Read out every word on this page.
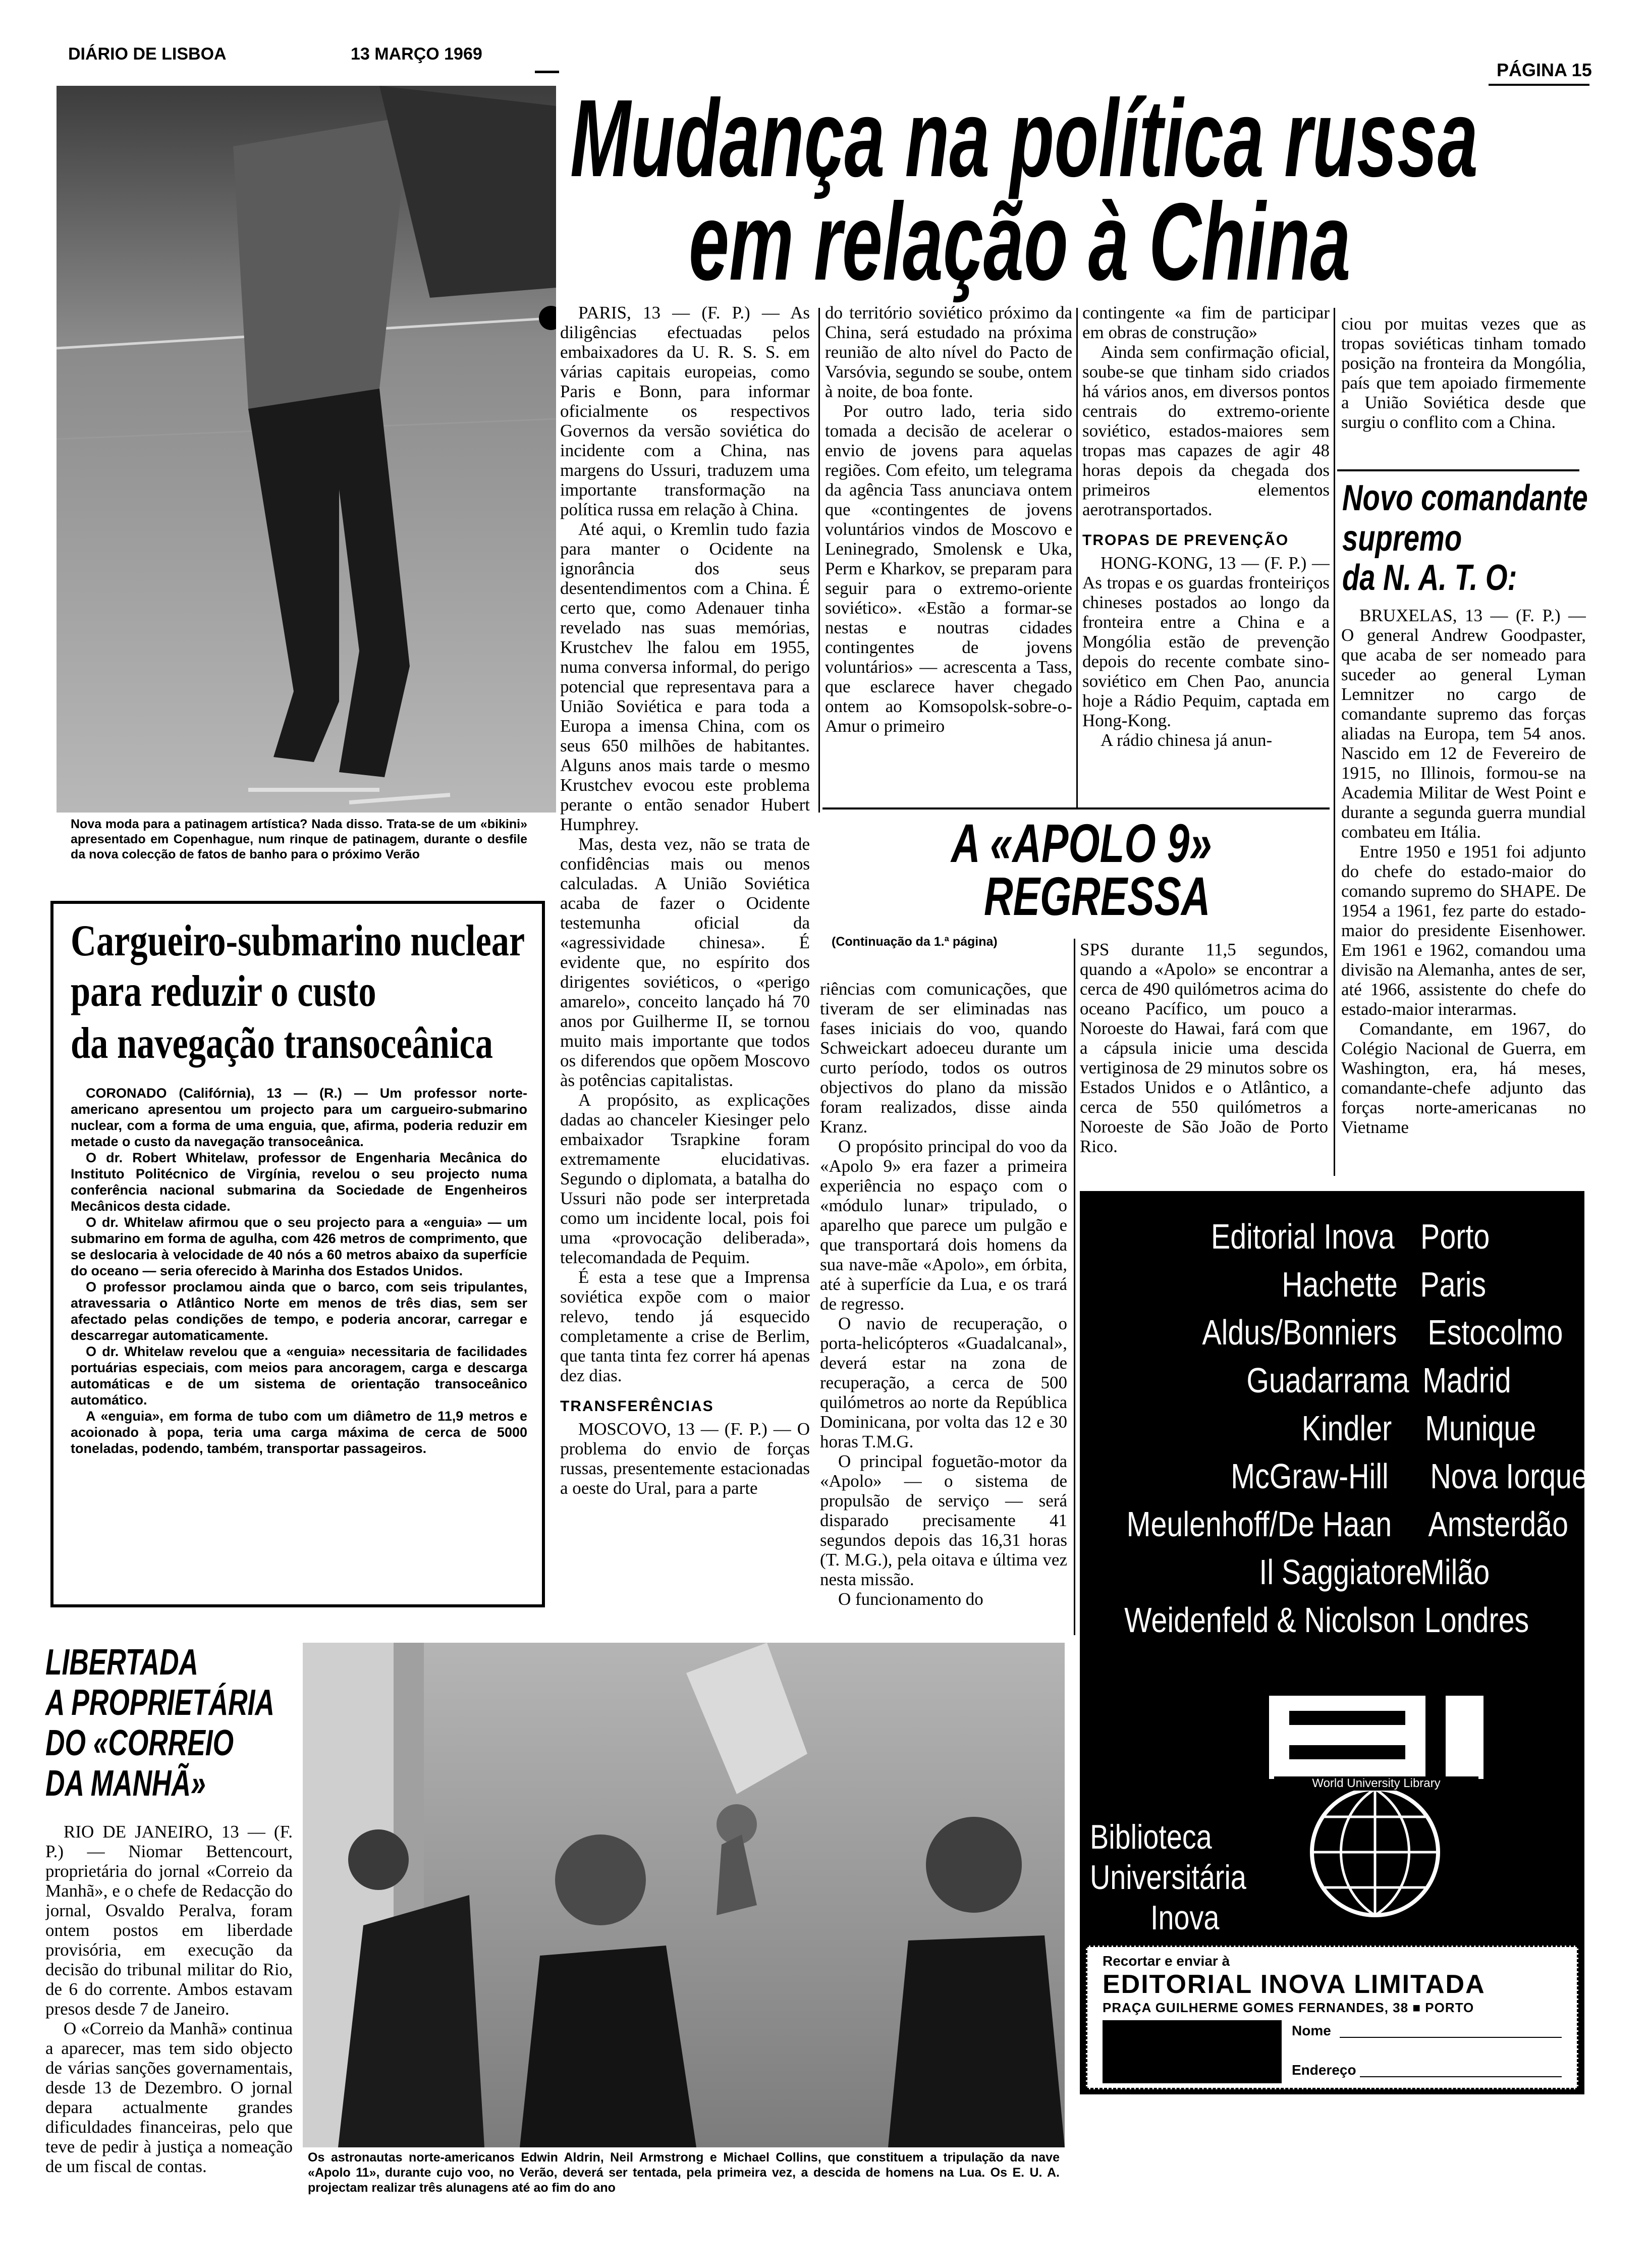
DIÁRIO DE LISBOA	13 MARÇO 1969
PÁGINA 15
Nova moda para a patinagem artística? Nada disso. Trata-se de um «bikini» apresentado em Copenhague, num rinque de patinagem, durante o desfile da nova colecção de fatos de banho para o próximo Verão
Cargueiro-submarino nuclear
para reduzir o custo
da navegação transoceânica

CORONADO (Califórnia), 13 — (R.) — Um professor norte-americano apresentou um projecto para um cargueiro-submarino nuclear, com a forma de uma enguia, que, afirma, poderia reduzir em metade o custo da navegação transoceânica.

O dr. Robert Whitelaw, professor de Engenharia Mecânica do Instituto Politécnico de Virgínia, revelou o seu projecto numa conferência nacional submarina da Sociedade de Engenheiros Mecânicos desta cidade.

O dr. Whitelaw afirmou que o seu projecto para a «enguia» — um submarino em forma de agulha, com 426 metros de comprimento, que se deslocaria à velocidade de 40 nós a 60 metros abaixo da superfície do oceano — seria oferecido à Marinha dos Estados Unidos.

O professor proclamou ainda que o barco, com seis tripulantes, atravessaria o Atlântico Norte em menos de três dias, sem ser afectado pelas condições de tempo, e poderia ancorar, carregar e descarregar automaticamente.

O dr. Whitelaw revelou que a «enguia» necessitaria de facilidades portuárias especiais, com meios para ancoragem, carga e descarga automáticas e de um sistema de orientação transoceânico automático.

A «enguia», em forma de tubo com um diâmetro de 11,9 metros e acoionado à popa, teria uma carga máxima de cerca de 5000 toneladas, podendo, também, transportar passageiros.

Mudança na política russa
em relação à China

PARIS, 13 — (F. P.) — As diligências efectuadas pelos embaixadores da U. R. S. S. em várias capitais europeias, como Paris e Bonn, para informar oficialmente os respectivos Governos da versão soviética do incidente com a China, nas margens do Ussuri, traduzem uma importante transformação na política russa em relação à China.

Até aqui, o Kremlin tudo fazia para manter o Ocidente na ignorância dos seus desentendimentos com a China. É certo que, como Adenauer tinha revelado nas suas memórias, Krustchev lhe falou em 1955, numa conversa informal, do perigo potencial que representava para a União Soviética e para toda a Europa a imensa China, com os seus 650 milhões de habitantes. Alguns anos mais tarde o mesmo Krustchev evocou este problema perante o então senador Hubert Humphrey.

Mas, desta vez, não se trata de confidências mais ou menos calculadas. A União Soviética acaba de fazer o Ocidente testemunha oficial da «agressividade chinesa». É evidente que, no espírito dos dirigentes soviéticos, o «perigo amarelo», conceito lançado há 70 anos por Guilherme II, se tornou muito mais importante que todos os diferendos que opõem Moscovo às potências capitalistas.

A propósito, as explicações dadas ao chanceler Kiesinger pelo embaixador Tsrapkine foram extremamente elucidativas. Segundo o diplomata, a batalha do Ussuri não pode ser interpretada como um incidente local, pois foi uma «provocação deliberada», telecomandada de Pequim.

É esta a tese que a Imprensa soviética expõe com o maior relevo, tendo já esquecido completamente a crise de Berlim, que tanta tinta fez correr há apenas dez dias.

TRANSFERÊNCIAS

MOSCOVO, 13 — (F. P.) — O problema do envio de forças russas, presentemente estacionadas a oeste do Ural, para a parte

do território soviético próximo da China, será estudado na próxima reunião de alto nível do Pacto de Varsóvia, segundo se soube, ontem à noite, de boa fonte.

Por outro lado, teria sido tomada a decisão de acelerar o envio de jovens para aquelas regiões. Com efeito, um telegrama da agência Tass anunciava ontem que «contingentes de jovens voluntários vindos de Moscovo e Leninegrado, Smolensk e Uka, Perm e Kharkov, se preparam para seguir para o extremo-oriente soviético». «Estão a formar-se nestas e noutras cidades contingentes de jovens voluntários» — acrescenta a Tass, que esclarece haver chegado ontem ao Komsopolsk-sobre-o-Amur o primeiro

contingente «a fim de participar em obras de construção»

Ainda sem confirmação oficial, soube-se que tinham sido criados há vários anos, em diversos pontos centrais do extremo-oriente soviético, estados-maiores sem tropas mas capazes de agir 48 horas depois da chegada dos primeiros elementos aerotransportados.

TROPAS DE PREVENÇÃO

HONG-KONG, 13 — (F. P.) — As tropas e os guardas fronteiriços chineses postados ao longo da fronteira entre a China e a Mongólia estão de prevenção depois do recente combate sino-soviético em Chen Pao, anuncia hoje a Rádio Pequim, captada em Hong-Kong.

A rádio chinesa já anun-

ciou por muitas vezes que as tropas soviéticas tinham tomado posição na fronteira da Mongólia, país que tem apoiado firmemente a União Soviética desde que surgiu o conflito com a China.

Novo comandante
supremo
da N. A. T. O:

BRUXELAS, 13 — (F. P.) — O general Andrew Goodpaster, que acaba de ser nomeado para suceder ao general Lyman Lemnitzer no cargo de comandante supremo das forças aliadas na Europa, tem 54 anos. Nascido em 12 de Fevereiro de 1915, no Illinois, formou-se na Academia Militar de West Point e durante a segunda guerra mundial combateu em Itália.

Entre 1950 e 1951 foi adjunto do chefe do estado-maior do comando supremo do SHAPE. De 1954 a 1961, fez parte do estado-maior do presidente Eisenhower. Em 1961 e 1962, comandou uma divisão na Alemanha, antes de ser, até 1966, assistente do chefe do estado-maior interarmas.

Comandante, em 1967, do Colégio Nacional de Guerra, em Washington, era, há meses, comandante-chefe adjunto das forças norte-americanas no Vietname

A «APOLO 9»
REGRESSA
(Continuação da 1.ª página)

riências com comunicações, que tiveram de ser eliminadas nas fases iniciais do voo, quando Schweickart adoeceu durante um curto período, todos os outros objectivos do plano da missão foram realizados, disse ainda Kranz.

O propósito principal do voo da «Apolo 9» era fazer a primeira experiência no espaço com o «módulo lunar» tripulado, o aparelho que parece um pulgão e que transportará dois homens da sua nave-mãe «Apolo», em órbita, até à superfície da Lua, e os trará de regresso.

O navio de recuperação, o porta-helicópteros «Guadalcanal», deverá estar na zona de recuperação, a cerca de 500 quilómetros ao norte da República Dominicana, por volta das 12 e 30 horas T.M.G.

O principal foguetão-motor da «Apolo» — o sistema de propulsão de serviço — será disparado precisamente 41 segundos depois das 16,31 horas (T. M.G.), pela oitava e última vez nesta missão.

O funcionamento do

SPS durante 11,5 segundos, quando a «Apolo» se encontrar a cerca de 490 quilómetros acima do oceano Pacífico, um pouco a Noroeste do Hawai, fará com que a cápsula inicie uma descida vertiginosa de 29 minutos sobre os Estados Unidos e o Atlântico, a cerca de 550 quilómetros a Noroeste de São João de Porto Rico.

Editorial Inova Porto
Hachette Paris
Aldus/Bonniers Estocolmo
Guadarrama Madrid
Kindler Munique
McGraw-Hill Nova Iorque
Meulenhoff/De Haan Amsterdão
Il Saggiatore
Milão
Weidenfeld & Nicolson Londres
World University Library
Biblioteca
Universitária
Inova
Recortar e enviar à
EDITORIAL INOVA LIMITADA
PRAÇA GUILHERME GOMES FERNANDES, 38 ■ PORTO
Nome
Endereço
LIBERTADA
A PROPRIETÁRIA
DO «CORREIO
DA MANHÃ»

RIO DE JANEIRO, 13 — (F. P.) — Niomar Bettencourt, proprietária do jornal «Correio da Manhã», e o chefe de Redacção do jornal, Osvaldo Peralva, foram ontem postos em liberdade provisória, em execução da decisão do tribunal militar do Rio, de 6 do corrente. Ambos estavam presos desde 7 de Janeiro.

O «Correio da Manhã» continua a aparecer, mas tem sido objecto de várias sanções governamentais, desde 13 de Dezembro. O jornal depara actualmente grandes dificuldades financeiras, pelo que teve de pedir à justiça a nomeação de um fiscal de contas.	Os astronautas norte-americanos Edwin Aldrin, Neil Armstrong e Michael Collins, que constituem a tripulação da nave «Apolo 11», durante cujo voo, no Verão, deverá ser tentada, pela primeira vez, a descida de homens na Lua. Os E. U. A. projectam realizar três alunagens até ao fim do ano
